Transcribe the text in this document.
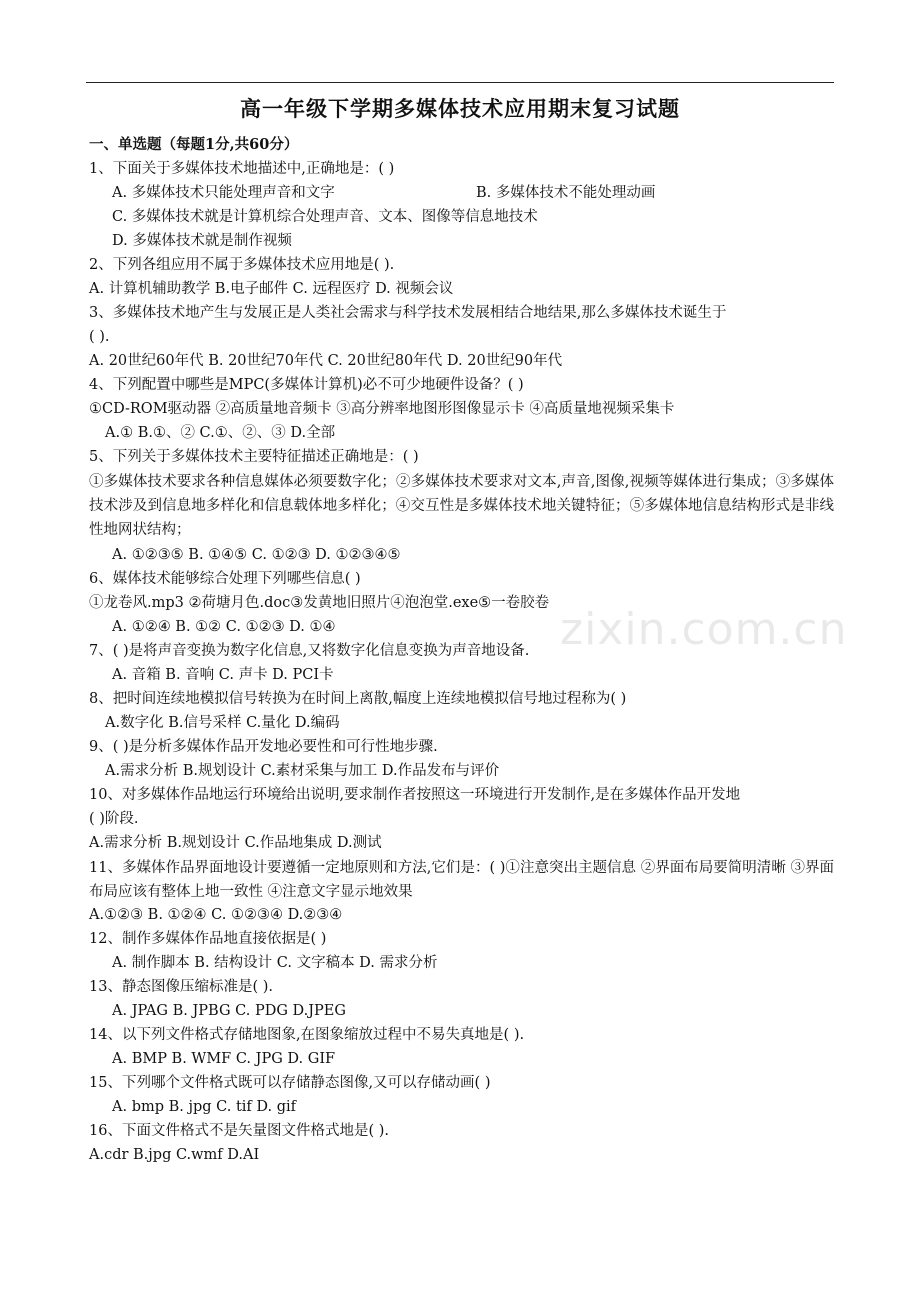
高一年级下学期多媒体技术应用期末复习试题
一、单选题（每题1分,共60分）
1、下面关于多媒体技术地描述中,正确地是：( )
A. 多媒体技术只能处理声音和文字	B. 多媒体技术不能处理动画
C. 多媒体技术就是计算机综合处理声音、文本、图像等信息地技术
D. 多媒体技术就是制作视频
2、下列各组应用不属于多媒体技术应用地是( ).
A. 计算机辅助教学 B.电子邮件 C. 远程医疗 D. 视频会议
3、多媒体技术地产生与发展正是人类社会需求与科学技术发展相结合地结果,那么多媒体技术诞生于
( ).
A. 20世纪60年代 B. 20世纪70年代 C. 20世纪80年代 D. 20世纪90年代
4、下列配置中哪些是MPC(多媒体计算机)必不可少地硬件设备？( )
①CD-ROM驱动器 ②高质量地音频卡 ③高分辨率地图形图像显示卡 ④高质量地视频采集卡
A.① B.①、② C.①、②、③ D.全部
5、下列关于多媒体技术主要特征描述正确地是：( )
①多媒体技术要求各种信息媒体必须要数字化；②多媒体技术要求对文本,声音,图像,视频等媒体进行集成；③多媒体技术涉及到信息地多样化和信息载体地多样化；④交互性是多媒体技术地关键特征；⑤多媒体地信息结构形式是非线性地网状结构；
A. ①②③⑤ B. ①④⑤ C. ①②③ D. ①②③④⑤
6、媒体技术能够综合处理下列哪些信息( )
①龙卷风.mp3 ②荷塘月色.doc③发黄地旧照片④泡泡堂.exe⑤一卷胶卷
A. ①②④ B. ①② C. ①②③ D. ①④
7、( )是将声音变换为数字化信息,又将数字化信息变换为声音地设备.
A. 音箱 B. 音响 C. 声卡 D. PCI卡
8、把时间连续地模拟信号转换为在时间上离散,幅度上连续地模拟信号地过程称为( )
A.数字化 B.信号采样 C.量化 D.编码
9、( )是分析多媒体作品开发地必要性和可行性地步骤.
A.需求分析 B.规划设计 C.素材采集与加工 D.作品发布与评价
10、对多媒体作品地运行环境给出说明,要求制作者按照这一环境进行开发制作,是在多媒体作品开发地
( )阶段.
A.需求分析 B.规划设计 C.作品地集成 D.测试
11、多媒体作品界面地设计要遵循一定地原则和方法,它们是：( )①注意突出主题信息 ②界面布局要简明清晰 ③界面布局应该有整体上地一致性 ④注意文字显示地效果
A.①②③ B. ①②④ C. ①②③④ D.②③④
12、制作多媒体作品地直接依据是( )
A. 制作脚本 B. 结构设计 C. 文字稿本 D. 需求分析
13、静态图像压缩标准是( ).
A. JPAG B. JPBG C. PDG D.JPEG
14、以下列文件格式存储地图象,在图象缩放过程中不易失真地是( ).
A. BMP B. WMF C. JPG D. GIF
15、下列哪个文件格式既可以存储静态图像,又可以存储动画( )
A. bmp B. jpg C. tif D. gif
16、下面文件格式不是矢量图文件格式地是( ).
A.cdr B.jpg C.wmf D.AI
zixin.com.cn
